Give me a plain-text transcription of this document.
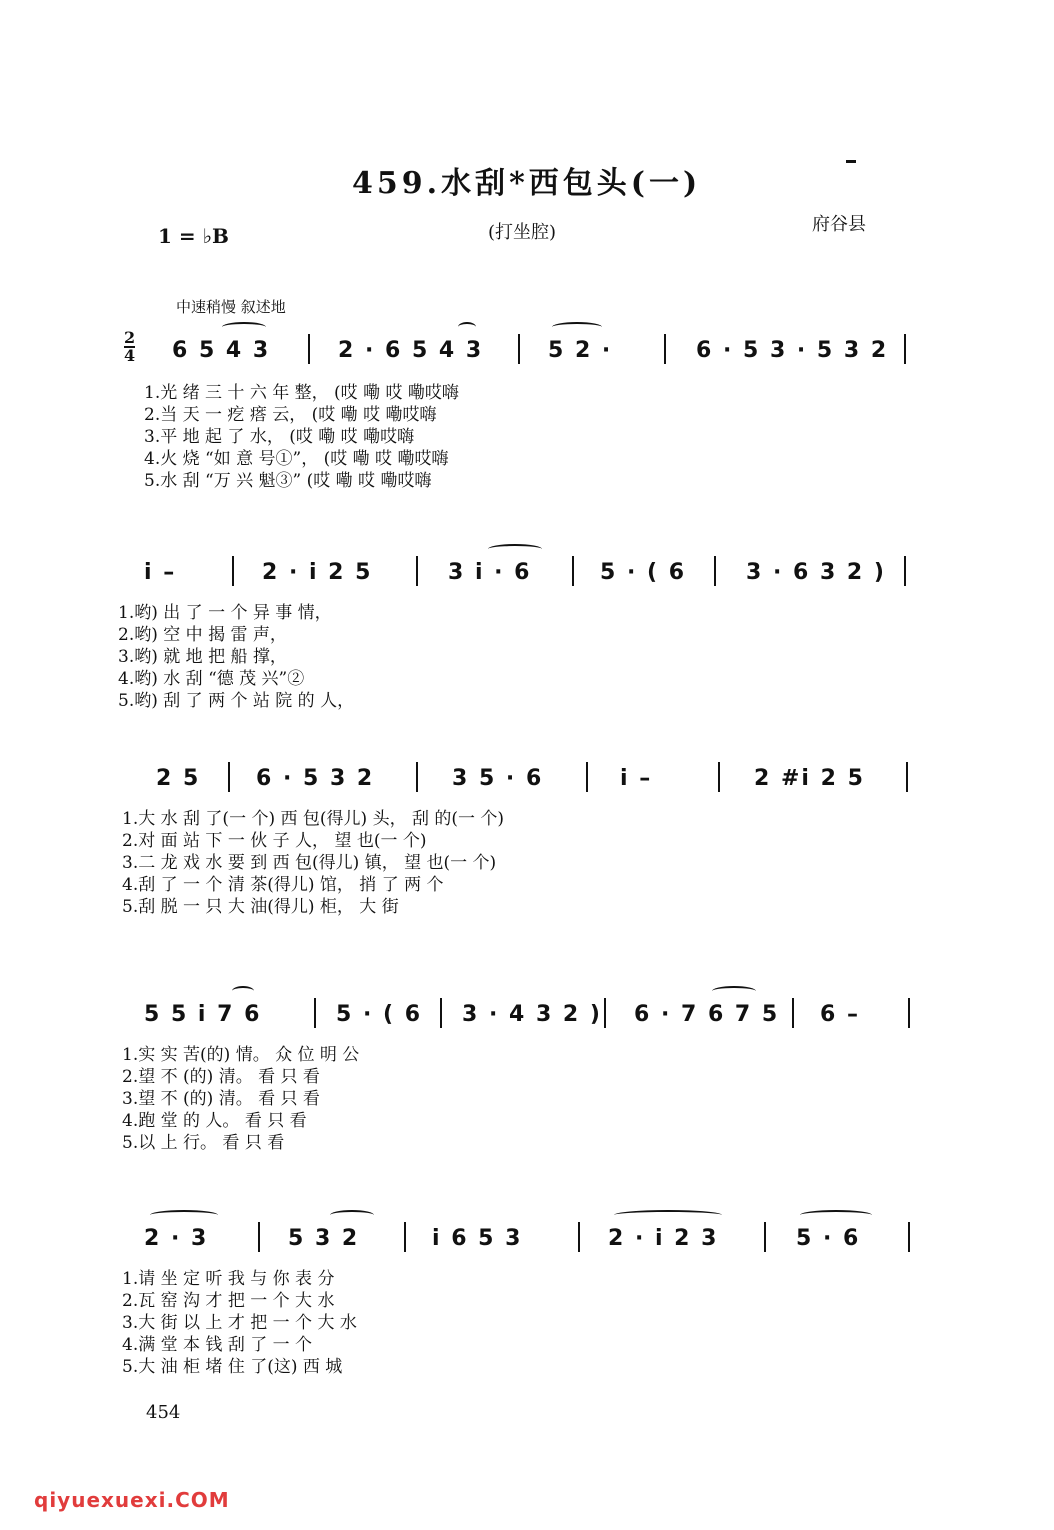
459.水刮*西包头(一)
1 = ♭B	(打坐腔)	府谷县
中速稍慢 叙述地
2
4 6 5 4 3	2 · 6 5 4 3	5 2 ·	6 · 5 3 · 5 3 2
1.光 绪 三 十 六 年 整， (哎 嘞 哎 嘞哎嗨
2.当 天 一 疙 瘩 云， (哎 嘞 哎 嘞哎嗨
3.平 地 起 了 水， (哎 嘞 哎 嘞哎嗨
4.火 烧 “如 意 号①”， (哎 嘞 哎 嘞哎嗨
5.水 刮 “万 兴 魁③” (哎 嘞 哎 嘞哎嗨
i –	2 · i 2 5	3 i · 6	5 · ( 6	3 · 6 3 2 )
1.哟) 出 了 一 个 异 事 情，
2.哟) 空 中 揭 雷 声，
3.哟) 就 地 把 船 撑，
4.哟) 水 刮 “德 茂 兴”②
5.哟) 刮 了 两 个 站 院 的 人，
2 5	6 · 5 3 2	3 5 · 6	i –	2 #i 2 5
1.大 水 刮 了(一 个) 西 包(得儿) 头， 刮 的(一 个)
2.对 面 站 下 一 伙 子 人， 望 也(一 个)
3.二 龙 戏 水 要 到 西 包(得儿) 镇， 望 也(一 个)
4.刮 了 一 个 清 茶(得儿) 馆， 捎 了 两 个
5.刮 脱 一 只 大 油(得儿) 柜， 大 街
5 5 i 7 6	5 · ( 6 3 · 4 3 2 ) 6 · 7 6 7 5 6 –
1.实 实 苦(的) 情。 众 位 明 公
2.望 不 (的) 清。 看 只 看
3.望 不 (的) 清。 看 只 看
4.跑 堂 的 人。 看 只 看
5.以 上 行。 看 只 看
2 · 3	5 3 2	i 6 5 3	2 · i 2 3	5 · 6
1.请 坐 定 听 我 与 你 表 分
2.瓦 窑 沟 才 把 一 个 大 水
3.大 街 以 上 才 把 一 个 大 水
4.满 堂 本 钱 刮 了 一 个
5.大 油 柜 堵 住 了(这) 西 城
454
qiyuexuexi.COM
